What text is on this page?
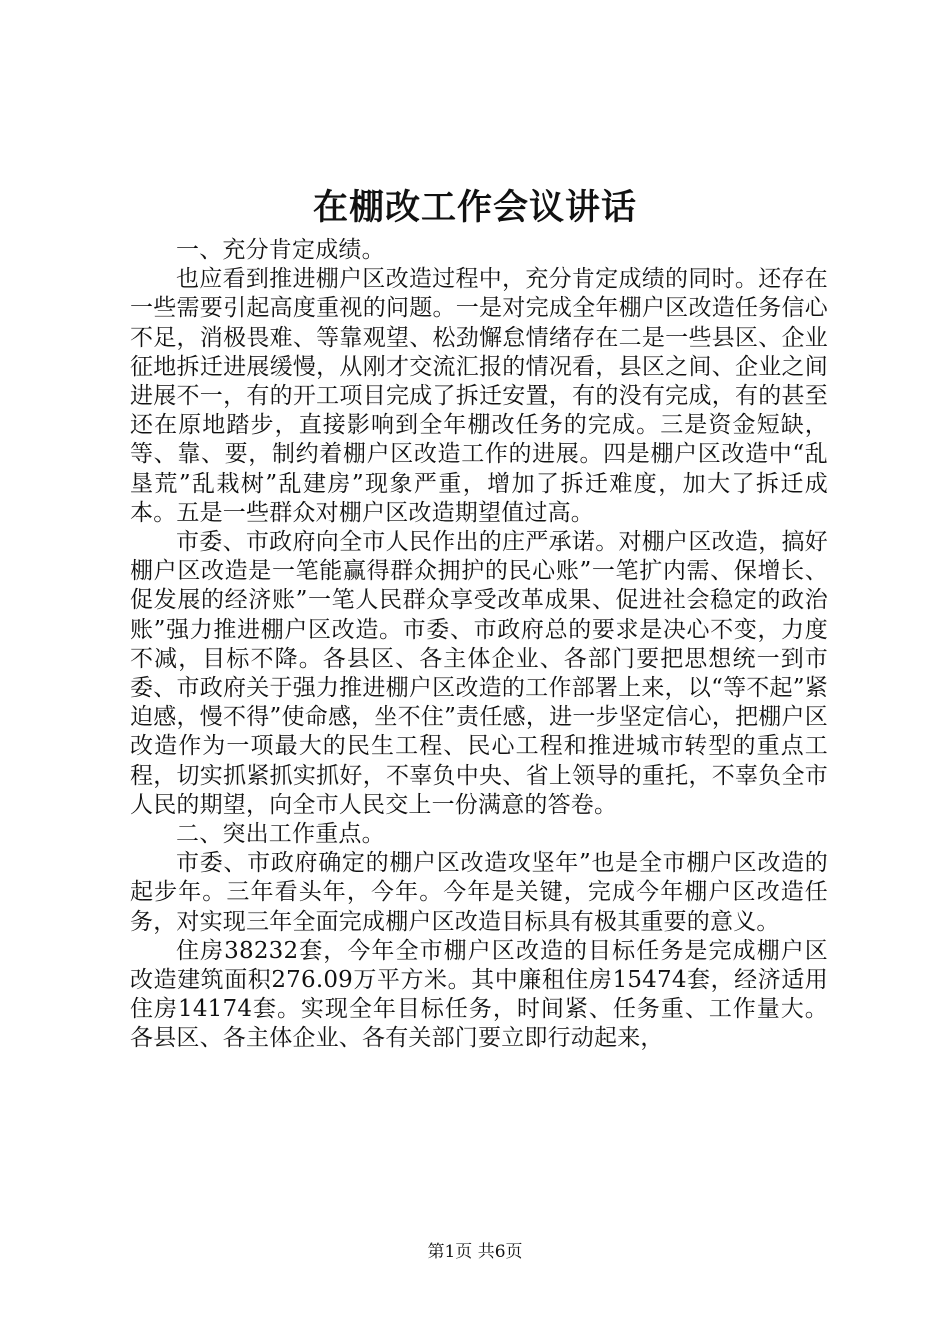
在棚改工作会议讲话

一、充分肯定成绩。

也应看到推进棚户区改造过程中，充分肯定成绩的同时。还存在一些需要引起高度重视的问题。一是对完成全年棚户区改造任务信心不足，消极畏难、等靠观望、松劲懈怠情绪存在二是一些县区、企业征地拆迁进展缓慢，从刚才交流汇报的情况看，县区之间、企业之间进展不一，有的开工项目完成了拆迁安置，有的没有完成，有的甚至还在原地踏步，直接影响到全年棚改任务的完成。三是资金短缺，等、靠、要，制约着棚户区改造工作的进展。四是棚户区改造中“乱垦荒”乱栽树”乱建房”现象严重，增加了拆迁难度，加大了拆迁成本。五是一些群众对棚户区改造期望值过高。

市委、市政府向全市人民作出的庄严承诺。对棚户区改造，搞好棚户区改造是一笔能赢得群众拥护的民心账”一笔扩内需、保增长、促发展的经济账”一笔人民群众享受改革成果、促进社会稳定的政治账”强力推进棚户区改造。市委、市政府总的要求是决心不变，力度不减，目标不降。各县区、各主体企业、各部门要把思想统一到市委、市政府关于强力推进棚户区改造的工作部署上来，以“等不起”紧迫感，慢不得”使命感，坐不住”责任感，进一步坚定信心，把棚户区改造作为一项最大的民生工程、民心工程和推进城市转型的重点工程，切实抓紧抓实抓好，不辜负中央、省上领导的重托，不辜负全市人民的期望，向全市人民交上一份满意的答卷。

二、突出工作重点。

市委、市政府确定的棚户区改造攻坚年”也是全市棚户区改造的起步年。三年看头年，今年。今年是关键，完成今年棚户区改造任务，对实现三年全面完成棚户区改造目标具有极其重要的意义。

住房38232套，今年全市棚户区改造的目标任务是完成棚户区改造建筑面积276.09万平方米。其中廉租住房15474套，经济适用住房14174套。实现全年目标任务，时间紧、任务重、工作量大。各县区、各主体企业、各有关部门要立即行动起来，

第1页 共6页
